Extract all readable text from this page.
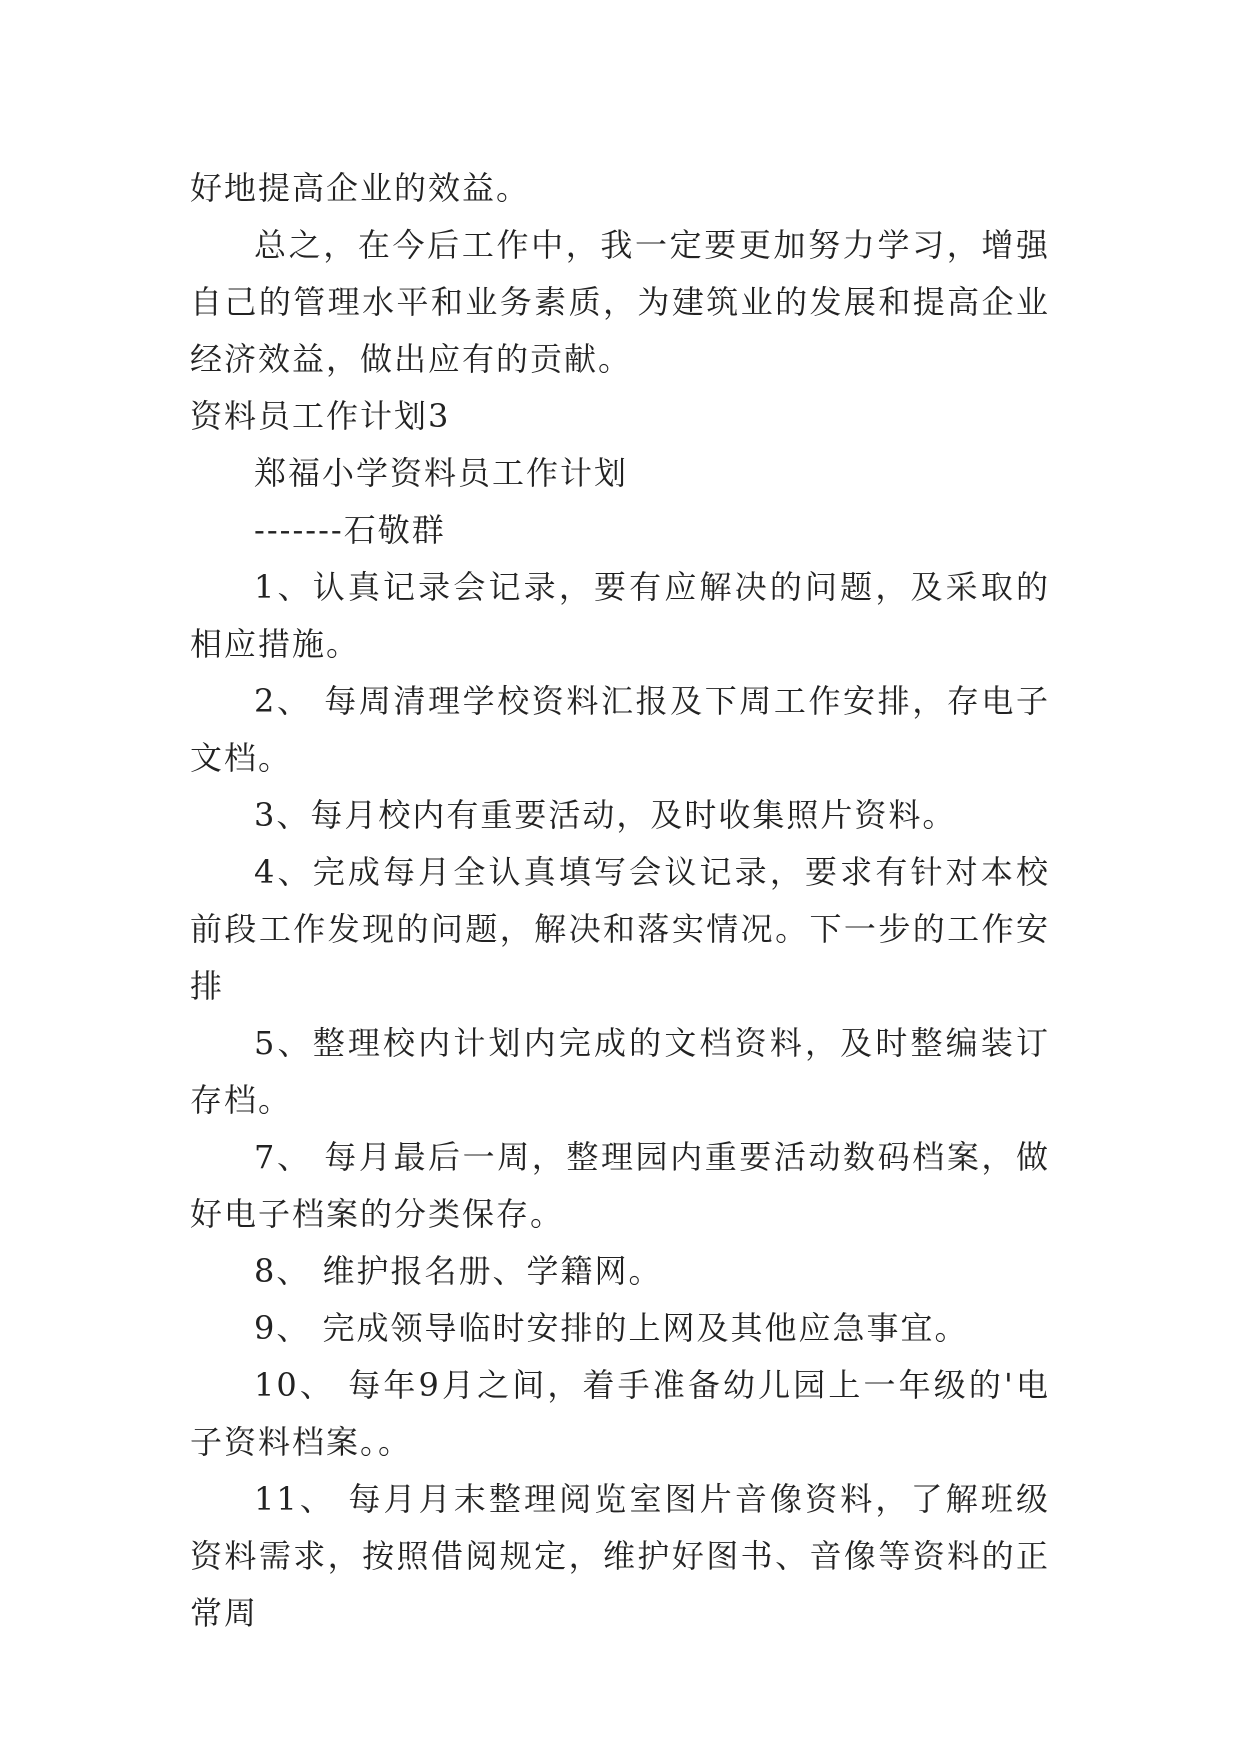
好地提高企业的效益。

总之，在今后工作中，我一定要更加努力学习，增强自己的管理水平和业务素质，为建筑业的发展和提高企业经济效益，做出应有的贡献。

资料员工作计划3

郑福小学资料员工作计划

-------石敬群

1、认真记录会记录，要有应解决的问题，及采取的相应措施。

2、 每周清理学校资料汇报及下周工作安排，存电子文档。

3、每月校内有重要活动，及时收集照片资料。

4、完成每月全认真填写会议记录，要求有针对本校前段工作发现的问题，解决和落实情况。下一步的工作安排

5、整理校内计划内完成的文档资料，及时整编装订存档。

7、 每月最后一周，整理园内重要活动数码档案，做好电子档案的分类保存。

8、 维护报名册、学籍网。

9、 完成领导临时安排的上网及其他应急事宜。

10、 每年9月之间，着手准备幼儿园上一年级的'电子资料档案。。

11、 每月月末整理阅览室图片音像资料，了解班级资料需求，按照借阅规定，维护好图书、音像等资料的正常周
